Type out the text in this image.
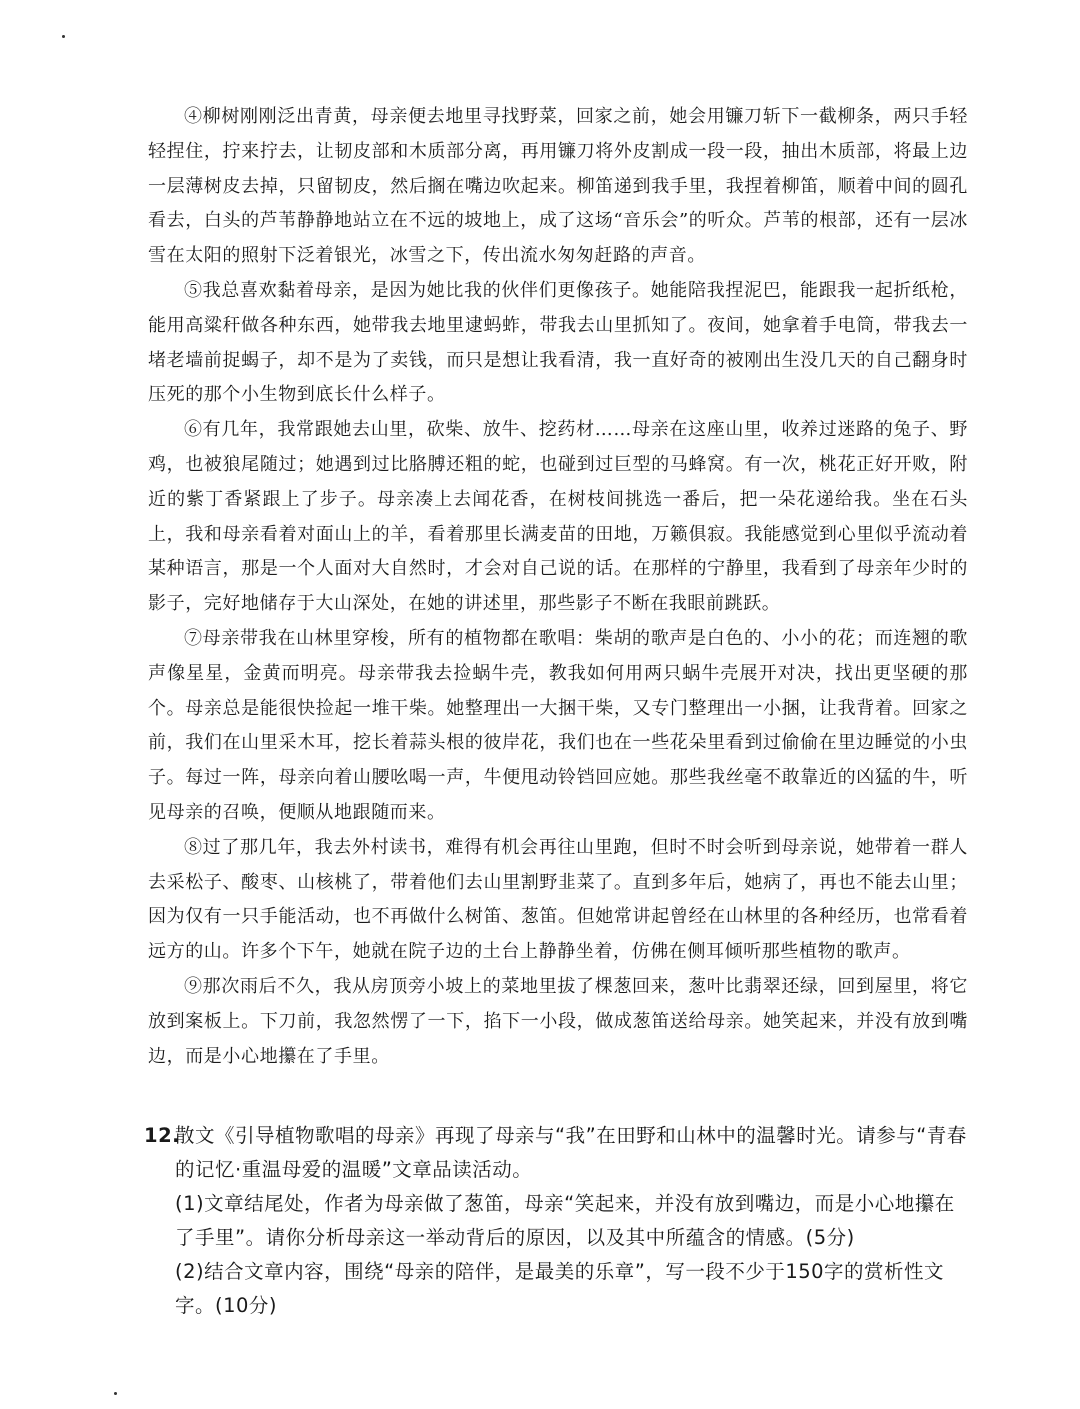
④柳树刚刚泛出青黄，母亲便去地里寻找野菜，回家之前，她会用镰刀斩下一截柳条，两只手轻轻捏住，拧来拧去，让韧皮部和木质部分离，再用镰刀将外皮割成一段一段，抽出木质部，将最上边一层薄树皮去掉，只留韧皮，然后搁在嘴边吹起来。柳笛递到我手里，我捏着柳笛，顺着中间的圆孔看去，白头的芦苇静静地站立在不远的坡地上，成了这场“音乐会”的听众。芦苇的根部，还有一层冰雪在太阳的照射下泛着银光，冰雪之下，传出流水匆匆赶路的声音。

⑤我总喜欢黏着母亲，是因为她比我的伙伴们更像孩子。她能陪我捏泥巴，能跟我一起折纸枪，能用高粱秆做各种东西，她带我去地里逮蚂蚱，带我去山里抓知了。夜间，她拿着手电筒，带我去一堵老墙前捉蝎子，却不是为了卖钱，而只是想让我看清，我一直好奇的被刚出生没几天的自己翻身时压死的那个小生物到底长什么样子。

⑥有几年，我常跟她去山里，砍柴、放牛、挖药材……母亲在这座山里，收养过迷路的兔子、野鸡，也被狼尾随过；她遇到过比胳膊还粗的蛇，也碰到过巨型的马蜂窝。有一次，桃花正好开败，附近的紫丁香紧跟上了步子。母亲凑上去闻花香，在树枝间挑选一番后，把一朵花递给我。坐在石头上，我和母亲看着对面山上的羊，看着那里长满麦苗的田地，万籁俱寂。我能感觉到心里似乎流动着某种语言，那是一个人面对大自然时，才会对自己说的话。在那样的宁静里，我看到了母亲年少时的影子，完好地储存于大山深处，在她的讲述里，那些影子不断在我眼前跳跃。

⑦母亲带我在山林里穿梭，所有的植物都在歌唱：柴胡的歌声是白色的、小小的花；而连翘的歌声像星星，金黄而明亮。母亲带我去捡蜗牛壳，教我如何用两只蜗牛壳展开对决，找出更坚硬的那个。母亲总是能很快捡起一堆干柴。她整理出一大捆干柴，又专门整理出一小捆，让我背着。回家之前，我们在山里采木耳，挖长着蒜头根的彼岸花，我们也在一些花朵里看到过偷偷在里边睡觉的小虫子。每过一阵，母亲向着山腰吆喝一声，牛便甩动铃铛回应她。那些我丝毫不敢靠近的凶猛的牛，听见母亲的召唤，便顺从地跟随而来。

⑧过了那几年，我去外村读书，难得有机会再往山里跑，但时不时会听到母亲说，她带着一群人去采松子、酸枣、山核桃了，带着他们去山里割野韭菜了。直到多年后，她病了，再也不能去山里；因为仅有一只手能活动，也不再做什么树笛、葱笛。但她常讲起曾经在山林里的各种经历，也常看着远方的山。许多个下午，她就在院子边的土台上静静坐着，仿佛在侧耳倾听那些植物的歌声。

⑨那次雨后不久，我从房顶旁小坡上的菜地里拔了棵葱回来，葱叶比翡翠还绿，回到屋里，将它放到案板上。下刀前，我忽然愣了一下，掐下一小段，做成葱笛送给母亲。她笑起来，并没有放到嘴边，而是小心地攥在了手里。

12.
散文《引导植物歌唱的母亲》再现了母亲与“我”在田野和山林中的温馨时光。请参与“青春的记忆·重温母爱的温暖”文章品读活动。

(1)文章结尾处，作者为母亲做了葱笛，母亲“笑起来，并没有放到嘴边，而是小心地攥在了手里”。请你分析母亲这一举动背后的原因，以及其中所蕴含的情感。(5分)

(2)结合文章内容，围绕“母亲的陪伴，是最美的乐章”，写一段不少于150字的赏析性文字。(10分)
